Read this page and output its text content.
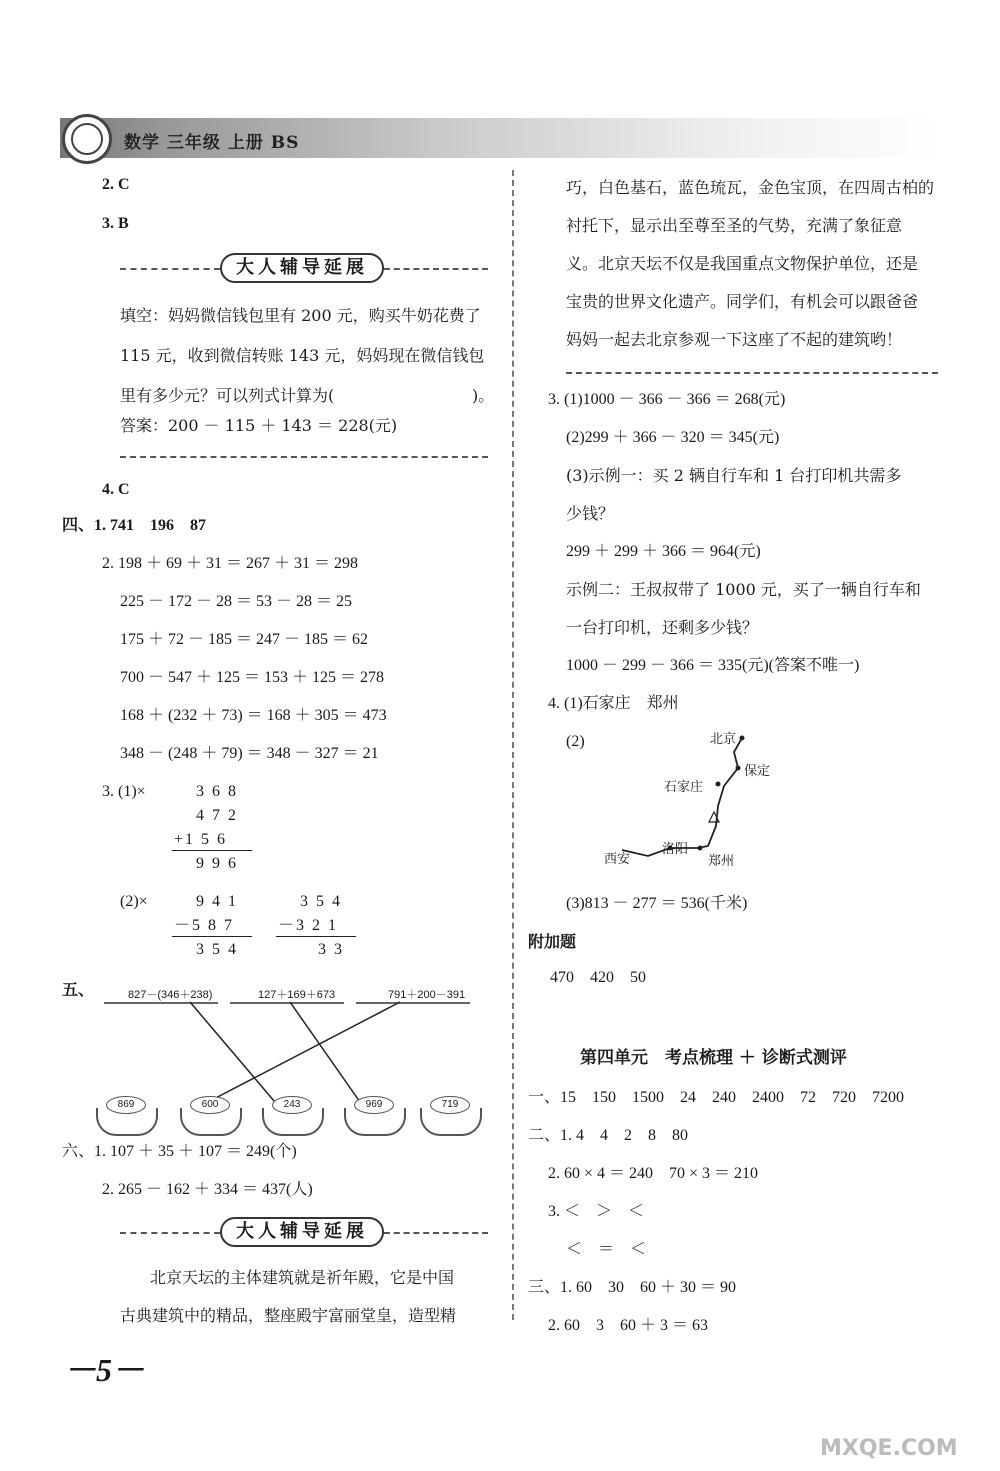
数学 三年级 上册 BS
2. C
3. B
大人辅导延展
填空：妈妈微信钱包里有 200 元，购买牛奶花费了
115 元，收到微信转账 143 元，妈妈现在微信钱包
里有多少元？可以列式计算为(	)。
答案：200 － 115 ＋ 143 ＝ 228(元)
4. C
四、1. 741　196　87
2. 198 ＋ 69 ＋ 31 ＝ 267 ＋ 31 ＝ 298
225 － 172 － 28 ＝ 53 － 28 ＝ 25
175 ＋ 72 － 185 ＝ 247 － 185 ＝ 62
700 － 547 ＋ 125 ＝ 153 ＋ 125 ＝ 278
168 ＋ (232 ＋ 73) ＝ 168 ＋ 305 ＝ 473
348 － (248 ＋ 79) ＝ 348 － 327 ＝ 21
3. (1)×	3 6 8
4 7 2
+1 5 6
9 9 6
(2)×	9 4 1
－5 8 7
3 5 4
3 5 4
－3 2 1
3 3
五、	827－(346＋238)	127＋169＋673	791＋200－391
869	600	243	969	719
六、1. 107 ＋ 35 ＋ 107 ＝ 249(个)
2. 265 － 162 ＋ 334 ＝ 437(人)
大人辅导延展
北京天坛的主体建筑就是祈年殿，它是中国
古典建筑中的精品，整座殿宇富丽堂皇，造型精
巧，白色基石，蓝色琉瓦，金色宝顶，在四周古柏的
衬托下，显示出至尊至圣的气势，充满了象征意
义。北京天坛不仅是我国重点文物保护单位，还是
宝贵的世界文化遗产。同学们，有机会可以跟爸爸
妈妈一起去北京参观一下这座了不起的建筑哟！
3. (1)1000 － 366 － 366 ＝ 268(元)
(2)299 ＋ 366 － 320 ＝ 345(元)
(3)示例一：买 2 辆自行车和 1 台打印机共需多
少钱？
299 ＋ 299 ＋ 366 ＝ 964(元)
示例二：王叔叔带了 1000 元，买了一辆自行车和
一台打印机，还剩多少钱？
1000 － 299 － 366 ＝ 335(元)(答案不唯一)
4. (1)石家庄　郑州
(2)	北京
保定
石家庄
西安
洛阳
郑州
(3)813 － 277 ＝ 536(千米)
附加题
470　420　50
第四单元　考点梳理 ＋ 诊断式测评
一、15　150　1500　24　240　2400　72　720　7200
二、1. 4　4　2　8　80
2. 60 × 4 ＝ 240　70 × 3 ＝ 210
3. ＜　＞　＜
＜　＝　＜
三、1. 60　30　60 ＋ 30 ＝ 90
2. 60　3　60 ＋ 3 ＝ 63
－5－
MXQE.COM
